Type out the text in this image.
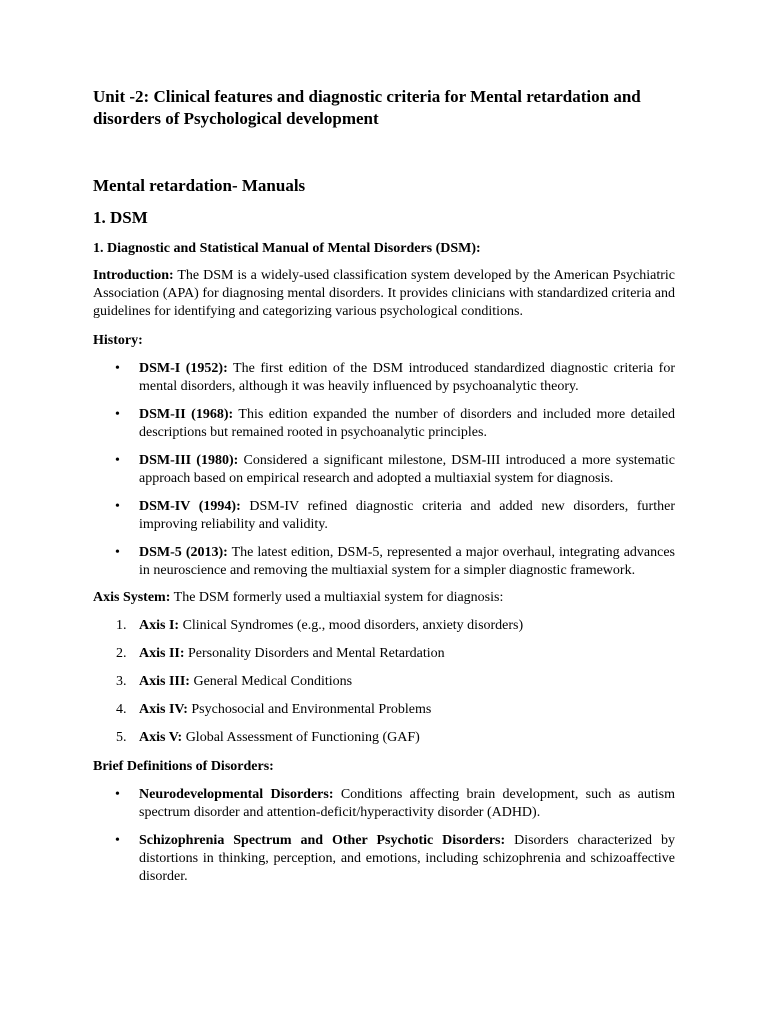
Unit -2: Clinical features and diagnostic criteria for Mental retardation and disorders of Psychological development
Mental retardation- Manuals
1. DSM
1. Diagnostic and Statistical Manual of Mental Disorders (DSM):

Introduction: The DSM is a widely-used classification system developed by the American Psychiatric Association (APA) for diagnosing mental disorders. It provides clinicians with standardized criteria and guidelines for identifying and categorizing various psychological conditions.

History:
• DSM-I (1952): The first edition of the DSM introduced standardized diagnostic criteria for mental disorders, although it was heavily influenced by psychoanalytic theory.
• DSM-II (1968): This edition expanded the number of disorders and included more detailed descriptions but remained rooted in psychoanalytic principles.
• DSM-III (1980): Considered a significant milestone, DSM-III introduced a more systematic approach based on empirical research and adopted a multiaxial system for diagnosis.
• DSM-IV (1994): DSM-IV refined diagnostic criteria and added new disorders, further improving reliability and validity.
• DSM-5 (2013): The latest edition, DSM-5, represented a major overhaul, integrating advances in neuroscience and removing the multiaxial system for a simpler diagnostic framework.

Axis System: The DSM formerly used a multiaxial system for diagnosis:

1. Axis I: Clinical Syndromes (e.g., mood disorders, anxiety disorders)
2. Axis II: Personality Disorders and Mental Retardation
3. Axis III: General Medical Conditions
4. Axis IV: Psychosocial and Environmental Problems
5. Axis V: Global Assessment of Functioning (GAF)
Brief Definitions of Disorders:
• Neurodevelopmental Disorders: Conditions affecting brain development, such as autism spectrum disorder and attention-deficit/hyperactivity disorder (ADHD).
• Schizophrenia Spectrum and Other Psychotic Disorders: Disorders characterized by distortions in thinking, perception, and emotions, including schizophrenia and schizoaffective disorder.
